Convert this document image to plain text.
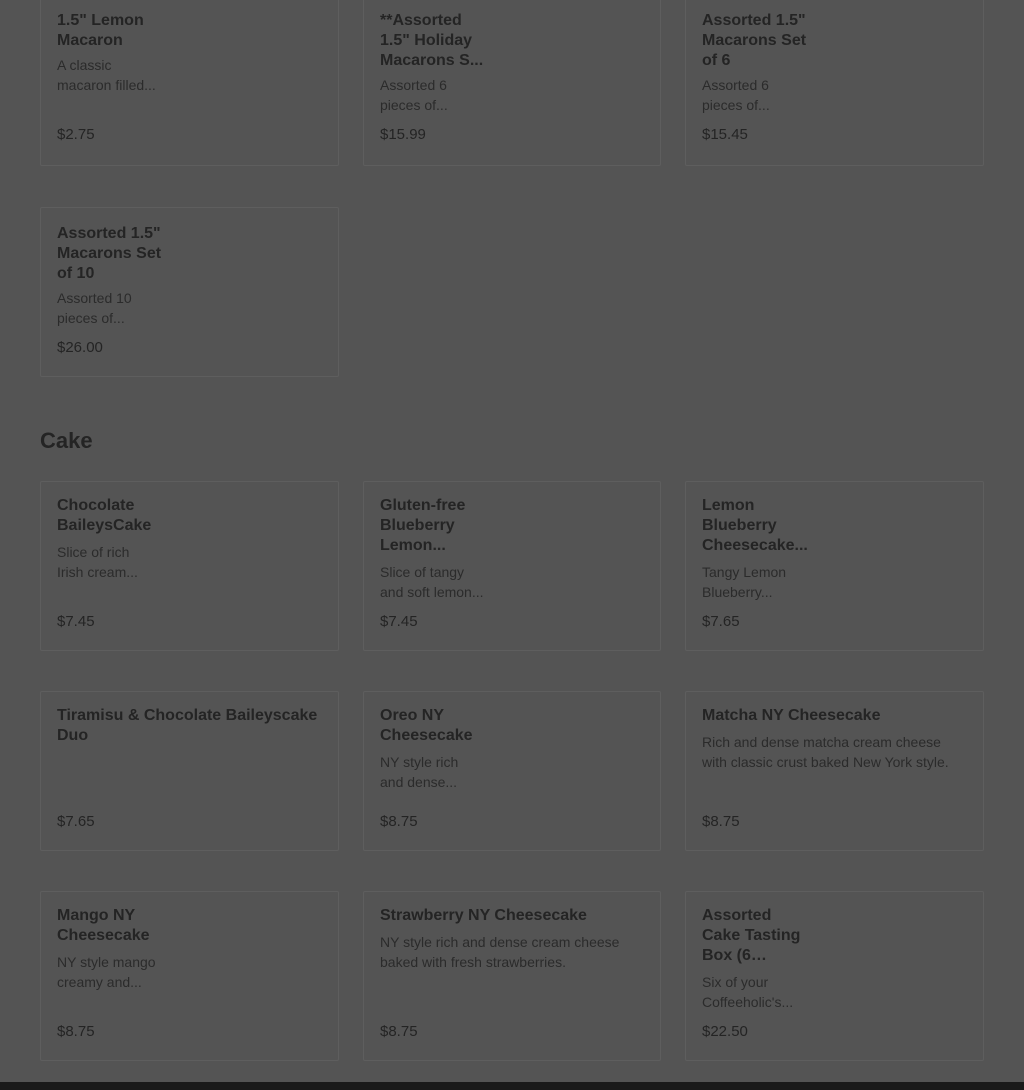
1.5" Lemon Macaron
A classic macaron filled...
$2.75
**Assorted 1.5" Holiday Macarons S...
Assorted 6 pieces of...
$15.99
Assorted 1.5" Macarons Set of 6
Assorted 6 pieces of...
$15.45
Assorted 1.5" Macarons Set of 10
Assorted 10 pieces of...
$26.00
Cake
Chocolate BaileysCake
Slice of rich Irish cream...
$7.45
Gluten-free Blueberry Lemon...
Slice of tangy and soft lemon...
$7.45
Lemon Blueberry Cheesecake...
Tangy Lemon Blueberry...
$7.65
Tiramisu & Chocolate Baileyscake Duo
$7.65
Oreo NY Cheesecake
NY style rich and dense...
$8.75
Matcha NY Cheesecake
Rich and dense matcha cream cheese with classic crust baked New York style.
$8.75
Mango NY Cheesecake
NY style mango creamy and...
$8.75
Strawberry NY Cheesecake
NY style rich and dense cream cheese baked with fresh strawberries.
$8.75
Assorted Cake Tasting Box (6
Six of your Coffeeholic's...
$22.50
